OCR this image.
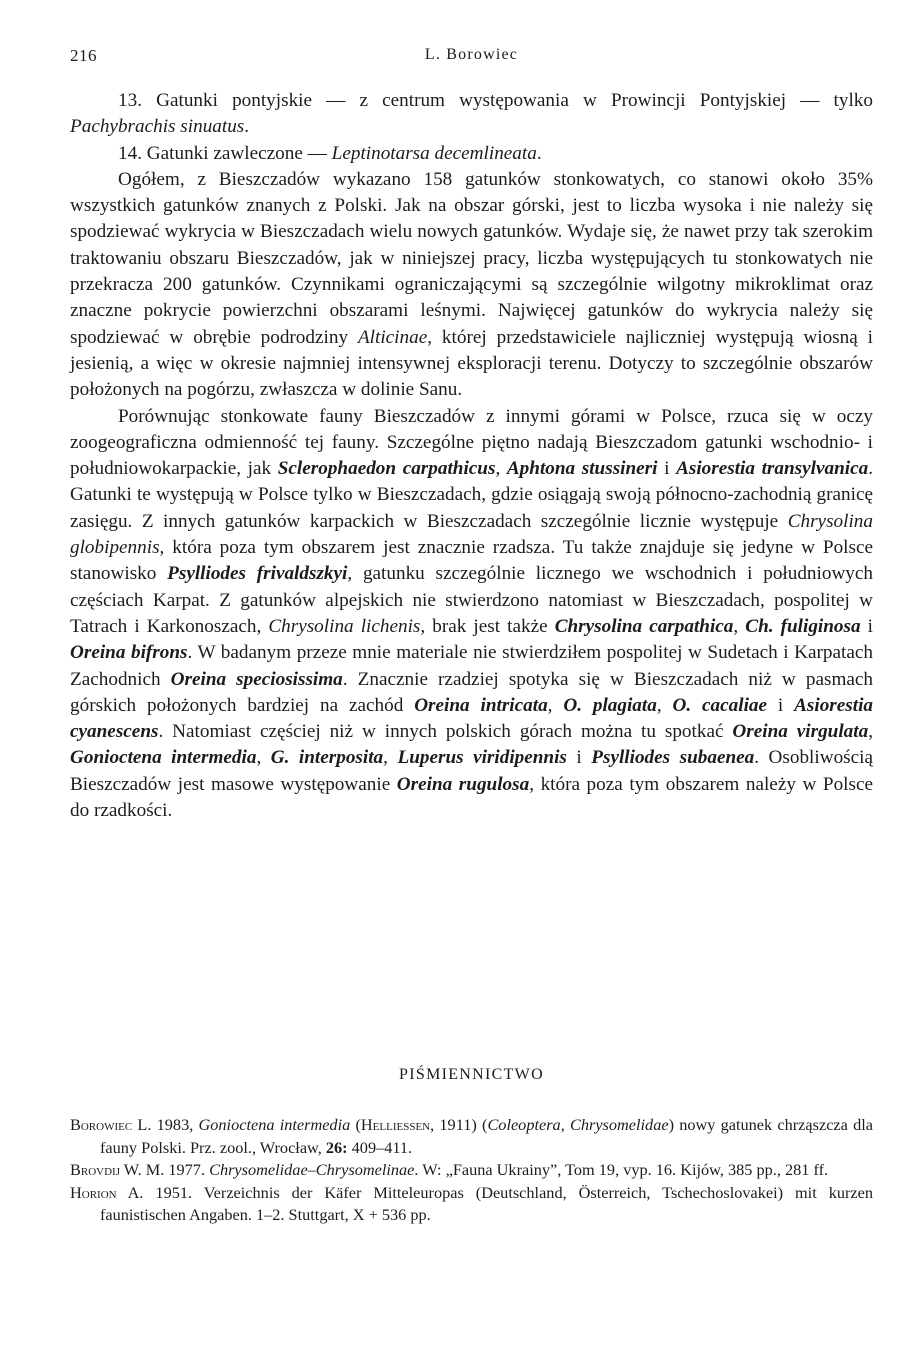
216	L. Borowiec

13. Gatunki pontyjskie — z centrum występowania w Prowincji Pontyjskiej — tylko Pachybrachis sinuatus.

14. Gatunki zawleczone — Leptinotarsa decemlineata.

Ogółem, z Bieszczadów wykazano 158 gatunków stonkowatych, co stanowi około 35% wszystkich gatunków znanych z Polski. Jak na obszar górski, jest to liczba wysoka i nie należy się spodziewać wykrycia w Bieszczadach wielu nowych gatunków. Wydaje się, że nawet przy tak szerokim traktowaniu obszaru Bieszczadów, jak w niniejszej pracy, liczba występujących tu stonkowatych nie przekracza 200 gatunków. Czynnikami ograniczającymi są szczególnie wilgotny mikroklimat oraz znaczne pokrycie powierzchni obszarami leśnymi. Najwięcej gatunków do wykrycia należy się spodziewać w obrębie podrodziny Alticinae, której przedstawiciele najliczniej występują wiosną i jesienią, a więc w okresie najmniej intensywnej eksploracji terenu. Dotyczy to szczególnie obszarów położonych na pogórzu, zwłaszcza w dolinie Sanu.

Porównując stonkowate fauny Bieszczadów z innymi górami w Polsce, rzuca się w oczy zoogeograficzna odmienność tej fauny. Szczególne piętno nadają Bieszczadom gatunki wschodnio- i południowokarpackie, jak Sclerophaedon carpathicus, Aphtona stussineri i Asiorestia transylvanica. Gatunki te występują w Polsce tylko w Bieszczadach, gdzie osiągają swoją północno-zachodnią granicę zasięgu. Z innych gatunków karpackich w Bieszczadach szczególnie licznie występuje Chrysolina globipennis, która poza tym obszarem jest znacznie rzadsza. Tu także znajduje się jedyne w Polsce stanowisko Psylliodes frivaldszkyi, gatunku szczególnie licznego we wschodnich i południowych częściach Karpat. Z gatunków alpejskich nie stwierdzono natomiast w Bieszczadach, pospolitej w Tatrach i Karkonoszach, Chrysolina lichenis, brak jest także Chrysolina carpathica, Ch. fuliginosa i Oreina bifrons. W badanym przeze mnie materiale nie stwierdziłem pospolitej w Sudetach i Karpatach Zachodnich Oreina speciosissima. Znacznie rzadziej spotyka się w Bieszczadach niż w pasmach górskich położonych bardziej na zachód Oreina intricata, O. plagiata, O. cacaliae i Asiorestia cyanescens. Natomiast częściej niż w innych polskich górach można tu spotkać Oreina virgulata, Gonioctena intermedia, G. interposita, Luperus viridipennis i Psylliodes subaenea. Osobliwością Bieszczadów jest masowe występowanie Oreina rugulosa, która poza tym obszarem należy w Polsce do rzadkości.

PIŚMIENNICTWO

Borowiec L. 1983, Gonioctena intermedia (Helliessen, 1911) (Coleoptera, Chrysomelidae) nowy gatunek chrząszcza dla fauny Polski. Prz. zool., Wrocław, 26: 409–411.

Brovdij W. M. 1977. Chrysomelidae–Chrysomelinae. W: „Fauna Ukrainy”, Tom 19, vyp. 16. Kijów, 385 pp., 281 ff.

Horion A. 1951. Verzeichnis der Käfer Mitteleuropas (Deutschland, Österreich, Tschechoslovakei) mit kurzen faunistischen Angaben. 1–2. Stuttgart, X + 536 pp.
